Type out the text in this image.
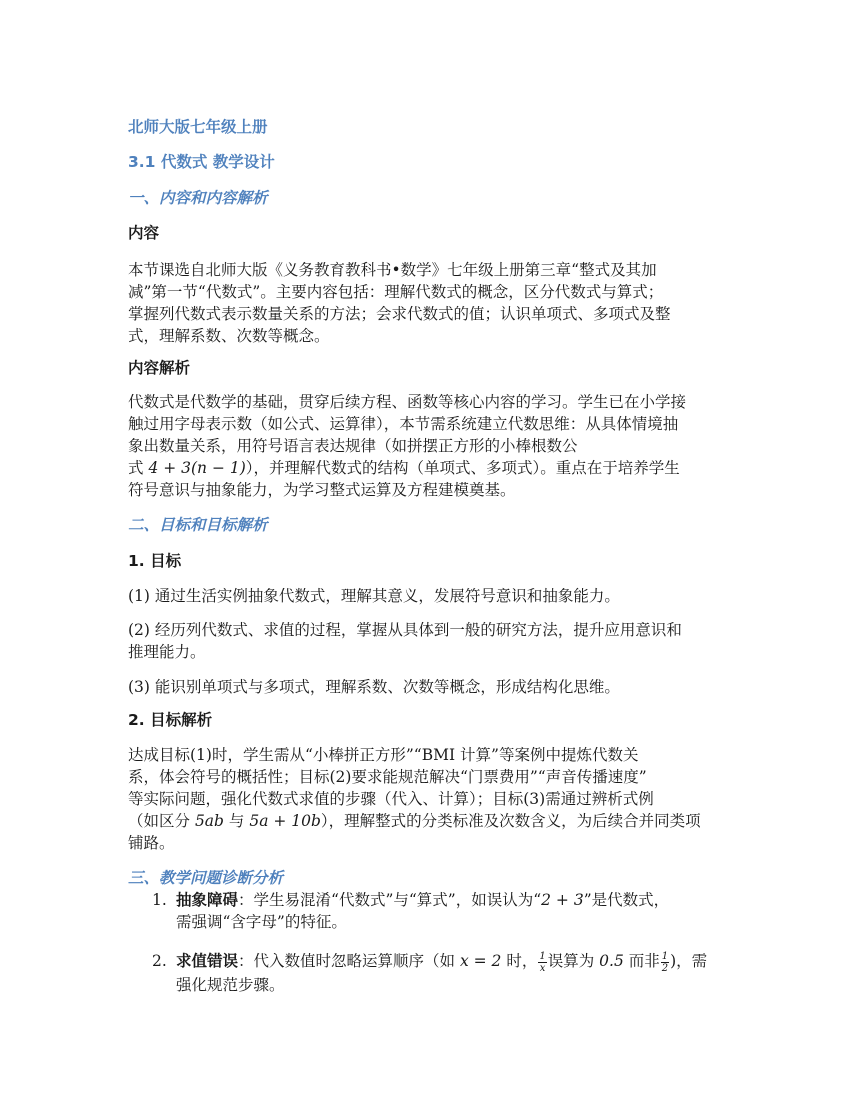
北师大版七年级上册
3.1 代数式 教学设计
一、内容和内容解析
内容
本节课选自北师大版《义务教育教科书•数学》七年级上册第三章“整式及其加
减”第一节“代数式”。主要内容包括：理解代数式的概念，区分代数式与算式；
掌握列代数式表示数量关系的方法；会求代数式的值；认识单项式、多项式及整
式，理解系数、次数等概念。
内容解析
代数式是代数学的基础，贯穿后续方程、函数等核心内容的学习。学生已在小学接
触过用字母表示数（如公式、运算律），本节需系统建立代数思维：从具体情境抽
象出数量关系，用符号语言表达规律（如拼摆正方形的小棒根数公
式 4 + 3(n − 1)），并理解代数式的结构（单项式、多项式）。重点在于培养学生
符号意识与抽象能力，为学习整式运算及方程建模奠基。
二、目标和目标解析
1. 目标
(1) 通过生活实例抽象代数式，理解其意义，发展符号意识和抽象能力。
(2) 经历列代数式、求值的过程，掌握从具体到一般的研究方法，提升应用意识和
推理能力。
(3) 能识别单项式与多项式，理解系数、次数等概念，形成结构化思维。
2. 目标解析
达成目标(1)时，学生需从“小棒拼正方形”“BMI 计算”等案例中提炼代数关
系，体会符号的概括性；目标(2)要求能规范解决“门票费用”“声音传播速度”
等实际问题，强化代数式求值的步骤（代入、计算）；目标(3)需通过辨析式例
（如区分 5ab 与 5a + 10b），理解整式的分类标准及次数含义，为后续合并同类项
铺路。
三、教学问题诊断分析
1. 抽象障碍：学生易混淆“代数式”与“算式”，如误认为“2 + 3”是代数式，
需强调“含字母”的特征。
2. 求值错误：代入数值时忽略运算顺序（如 x = 2 时， $\frac{1}{x}$ 误算为 0.5 而非 $\frac{1}{2}$ )，需
强化规范步骤。
